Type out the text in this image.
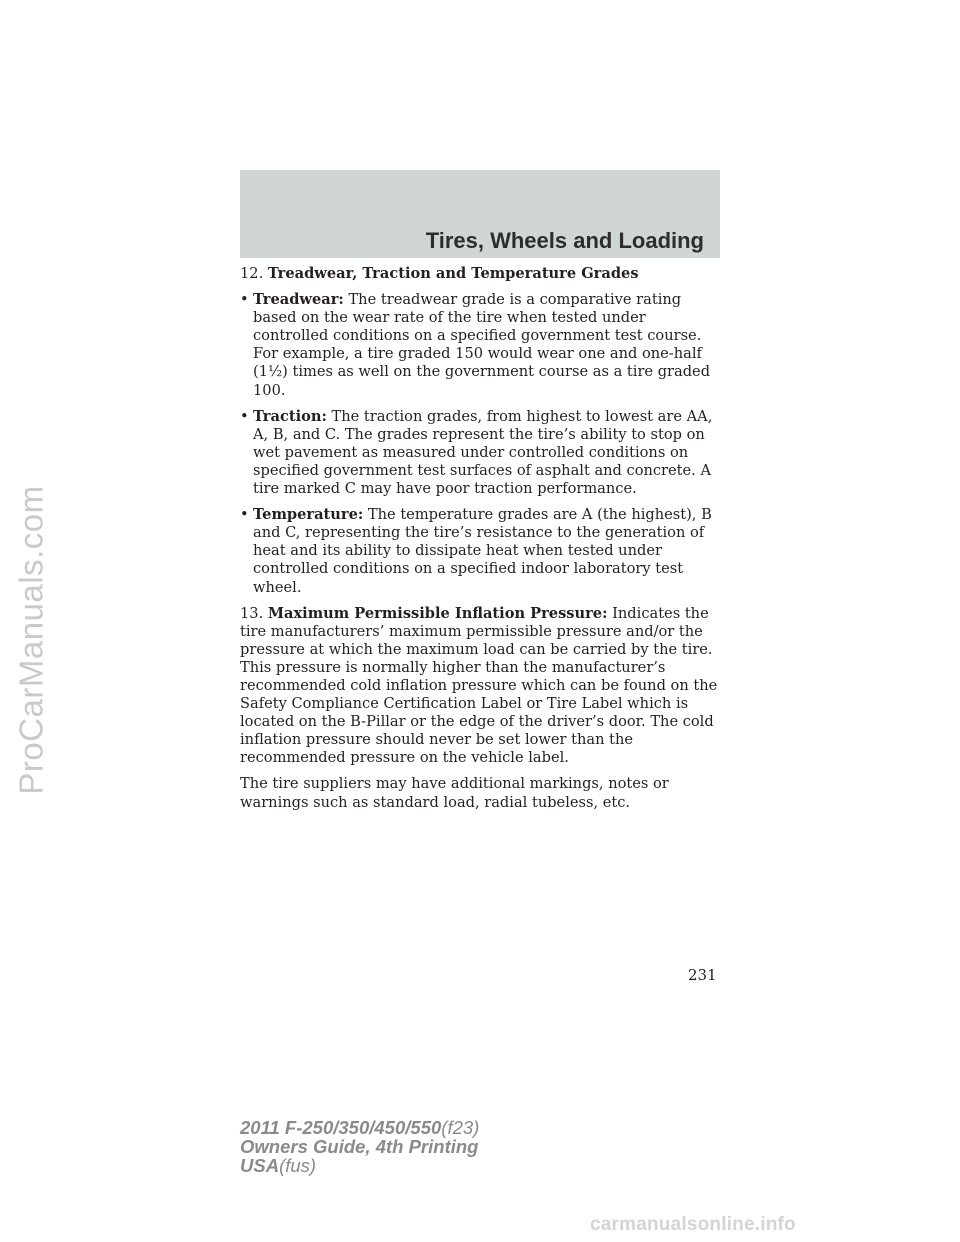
ProCarManuals.com
Tires, Wheels and Loading

12. Treadwear, Traction and Temperature Grades

• Treadwear: The treadwear grade is a comparative rating based on the wear rate of the tire when tested under controlled conditions on a specified government test course. For example, a tire graded 150 would wear one and one-half (1½) times as well on the government course as a tire graded 100.
• Traction: The traction grades, from highest to lowest are AA, A, B, and C. The grades represent the tire’s ability to stop on wet pavement as measured under controlled conditions on specified government test surfaces of asphalt and concrete. A tire marked C may have poor traction performance.
• Temperature: The temperature grades are A (the highest), B and C, representing the tire’s resistance to the generation of heat and its ability to dissipate heat when tested under controlled conditions on a specified indoor laboratory test wheel.

13. Maximum Permissible Inflation Pressure: Indicates the tire manufacturers’ maximum permissible pressure and/or the pressure at which the maximum load can be carried by the tire. This pressure is normally higher than the manufacturer’s recommended cold inflation pressure which can be found on the Safety Compliance Certification Label or Tire Label which is located on the B-Pillar or the edge of the driver’s door. The cold inflation pressure should never be set lower than the recommended pressure on the vehicle label.

The tire suppliers may have additional markings, notes or warnings such as standard load, radial tubeless, etc.

231
2011 F-250/350/450/550(f23)
Owners Guide, 4th Printing
USA(fus)
carmanualsonline.info
